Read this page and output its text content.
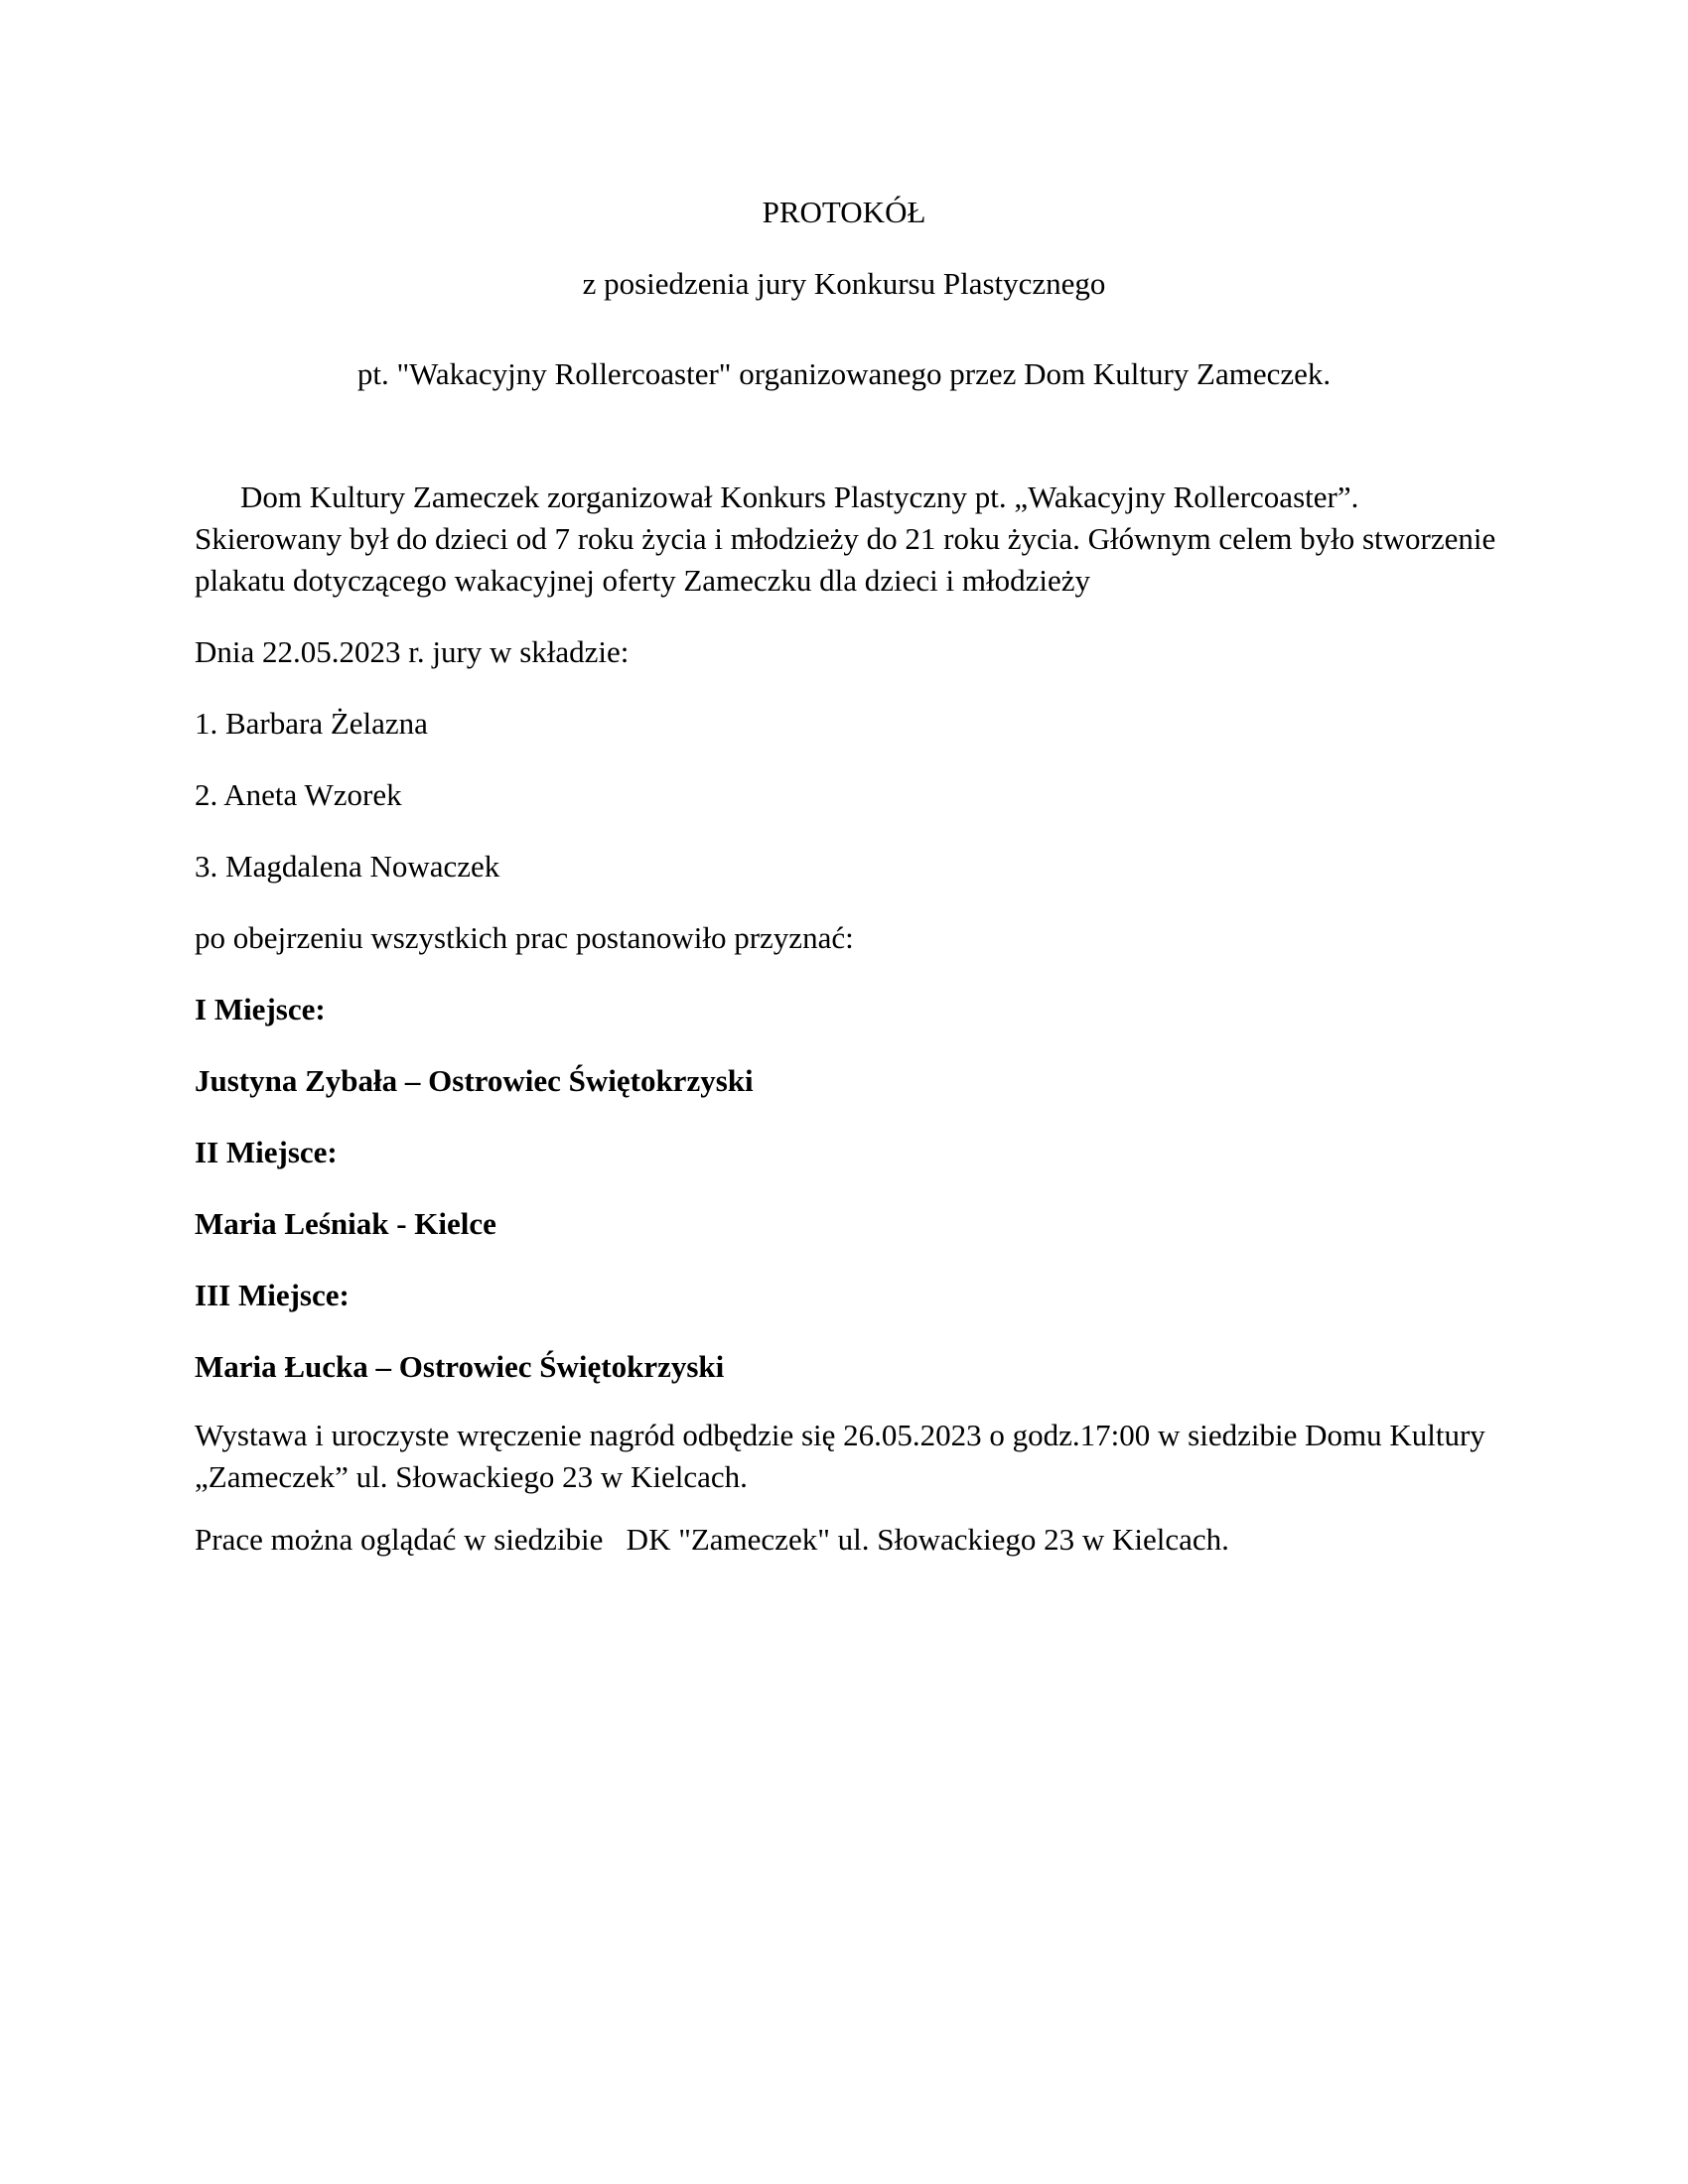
PROTOKÓŁ
z posiedzenia jury Konkursu Plastycznego
pt. "Wakacyjny Rollercoaster" organizowanego przez Dom Kultury Zameczek.
Dom Kultury Zameczek zorganizował Konkurs Plastyczny pt. „Wakacyjny Rollercoaster”. Skierowany był do dzieci od 7 roku życia i młodzieży do 21 roku życia. Głównym celem było stworzenie plakatu dotyczącego wakacyjnej oferty Zameczku dla dzieci i młodzieży
Dnia 22.05.2023 r. jury w składzie:
1. Barbara Żelazna
2. Aneta Wzorek
3. Magdalena Nowaczek
po obejrzeniu wszystkich prac postanowiło przyznać:
I Miejsce:
Justyna Zybała – Ostrowiec Świętokrzyski
II Miejsce:
Maria Leśniak - Kielce
III Miejsce:
Maria Łucka – Ostrowiec Świętokrzyski
Wystawa i uroczyste wręczenie nagród odbędzie się 26.05.2023 o godz.17:00 w siedzibie Domu Kultury „Zameczek” ul. Słowackiego 23 w Kielcach.
Prace można oglądać w siedzibie   DK "Zameczek" ul. Słowackiego 23 w Kielcach.
